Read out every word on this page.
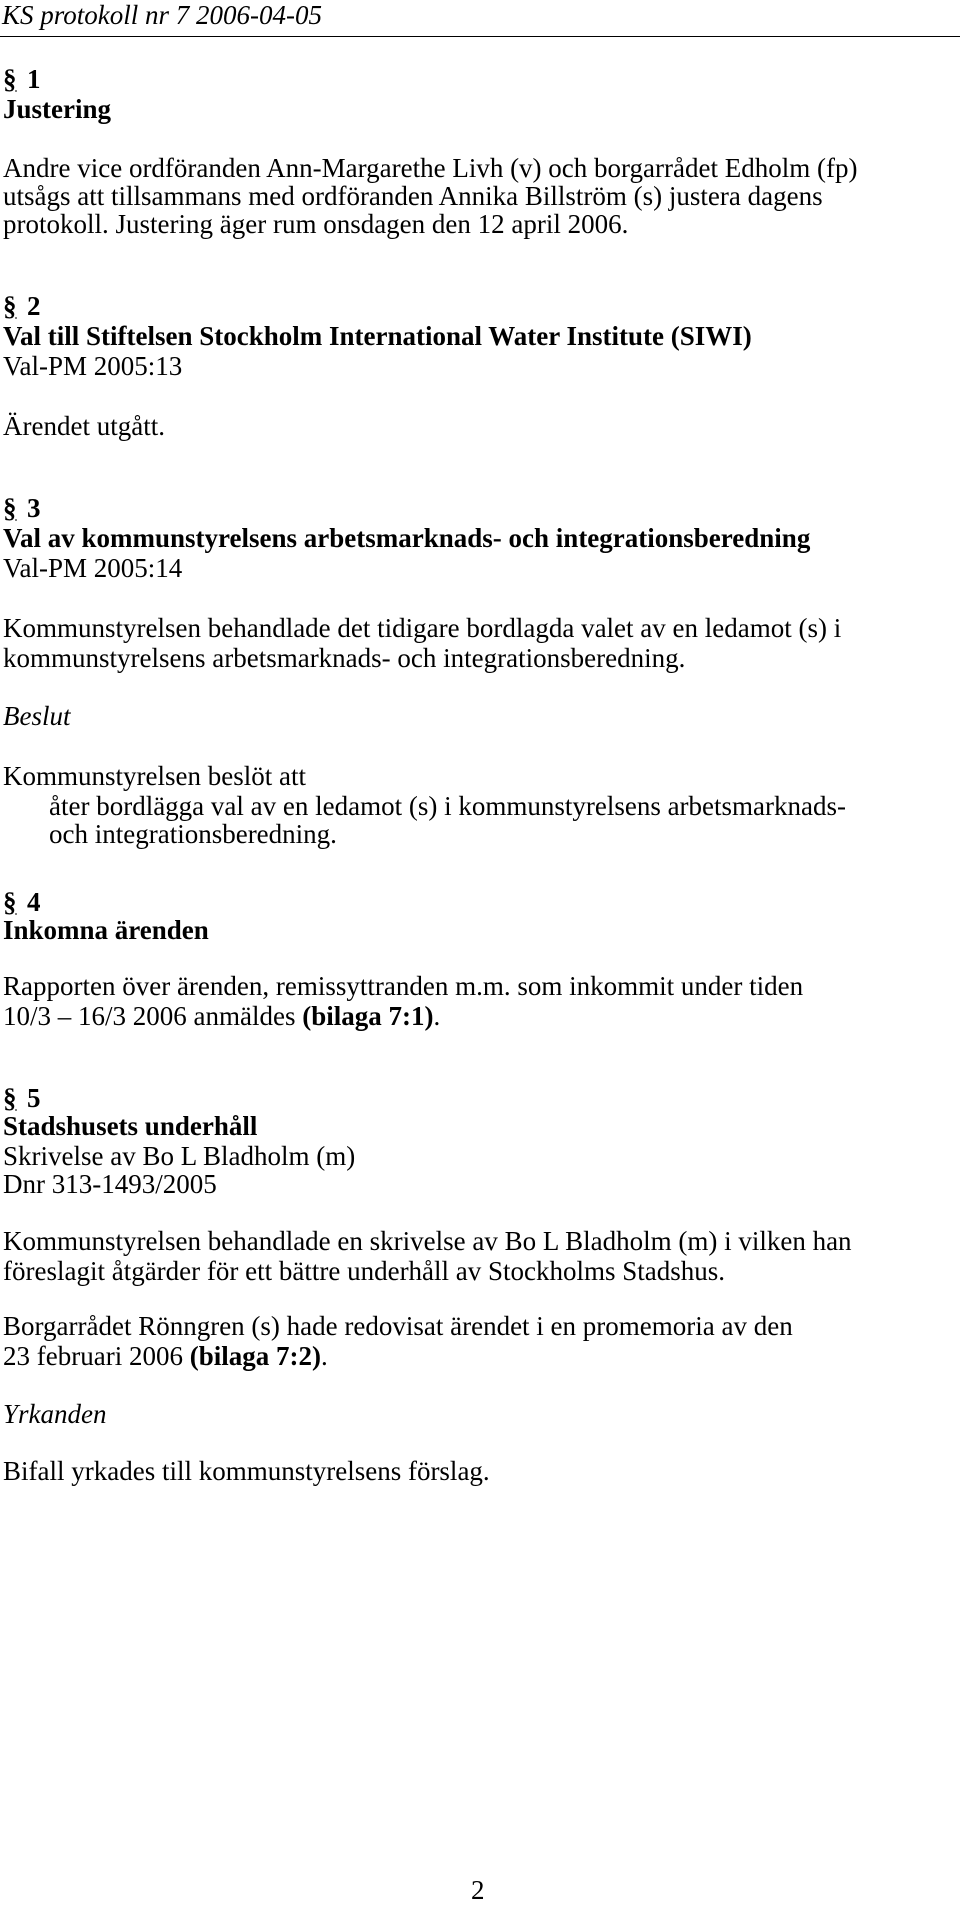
KS protokoll nr 7 2006-04-05
§ 1
Justering
Andre vice ordföranden Ann-Margarethe Livh (v) och borgarrådet Edholm (fp)
utsågs att tillsammans med ordföranden Annika Billström (s) justera dagens
protokoll. Justering äger rum onsdagen den 12 april 2006.
§ 2
Val till Stiftelsen Stockholm International Water Institute (SIWI)
Val-PM 2005:13
Ärendet utgått.
§ 3
Val av kommunstyrelsens arbetsmarknads- och integrationsberedning
Val-PM 2005:14
Kommunstyrelsen behandlade det tidigare bordlagda valet av en ledamot (s) i
kommunstyrelsens arbetsmarknads- och integrationsberedning.
Beslut
Kommunstyrelsen beslöt att
åter bordlägga val av en ledamot (s) i kommunstyrelsens arbetsmarknads-
och integrationsberedning.
§ 4
Inkomna ärenden
Rapporten över ärenden, remissyttranden m.m. som inkommit under tiden
10/3 – 16/3 2006 anmäldes (bilaga 7:1).
§ 5
Stadshusets underhåll
Skrivelse av Bo L Bladholm (m)
Dnr 313-1493/2005
Kommunstyrelsen behandlade en skrivelse av Bo L Bladholm (m) i vilken han
föreslagit åtgärder för ett bättre underhåll av Stockholms Stadshus.
Borgarrådet Rönngren (s) hade redovisat ärendet i en promemoria av den
23 februari 2006 (bilaga 7:2).
Yrkanden
Bifall yrkades till kommunstyrelsens förslag.
2
